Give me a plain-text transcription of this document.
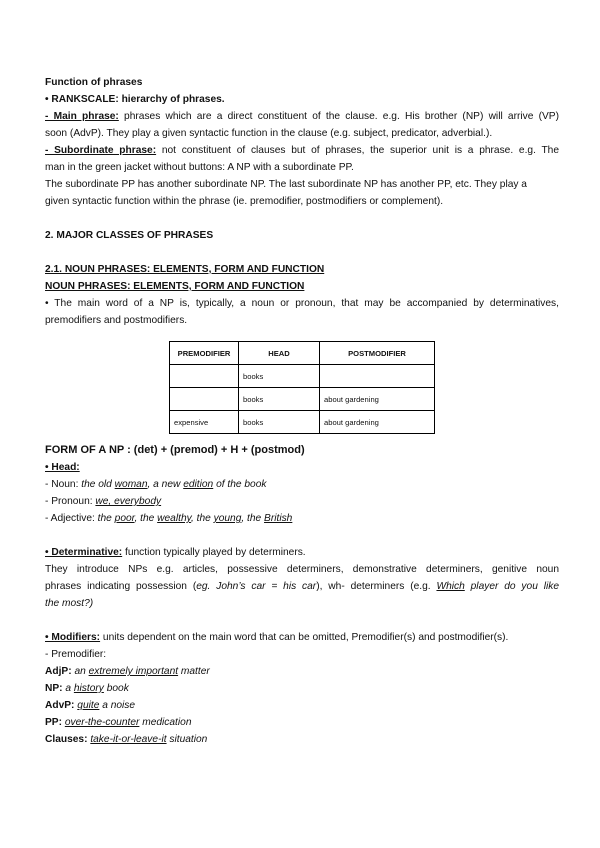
Function of phrases
• RANKSCALE: hierarchy of phrases.
- Main phrase: phrases which are a direct constituent of the clause. e.g. His brother (NP) will arrive (VP)
soon (AdvP). They play a given syntactic function in the clause (e.g. subject, predicator, adverbial.).
- Subordinate phrase: not constituent of clauses but of phrases, the superior unit is a phrase. e.g. The
man in the green jacket without buttons: A NP with a subordinate PP.
The subordinate PP has another subordinate NP. The last subordinate NP has another PP, etc. They play a
given syntactic function within the phrase (ie. premodifier, postmodifiers or complement).
2. MAJOR CLASSES OF PHRASES
2.1. NOUN PHRASES: ELEMENTS, FORM AND FUNCTION
NOUN PHRASES: ELEMENTS, FORM AND FUNCTION
• The main word of a NP is, typically, a noun or pronoun, that may be accompanied by determinatives,
premodifiers and postmodifiers.
PREMODIFIER	HEAD	POSTMODIFIER
	books	
	books	about gardening
expensive	books	about gardening
FORM OF A NP : (det) + (premod) + H + (postmod)
• Head:
- Noun: the old woman, a new edition of the book
- Pronoun: we, everybody
- Adjective: the poor, the wealthy, the young, the British
• Determinative: function typically played by determiners.
They introduce NPs e.g. articles, possessive determiners, demonstrative determiners, genitive noun
phrases indicating possession (eg. John’s car = his car), wh- determiners (e.g. Which player do you like
the most?)
• Modifiers: units dependent on the main word that can be omitted, Premodifier(s) and postmodifier(s).
- Premodifier:
AdjP: an extremely important matter
NP: a history book
AdvP: quite a noise
PP: over-the-counter medication
Clauses: take-it-or-leave-it situation
